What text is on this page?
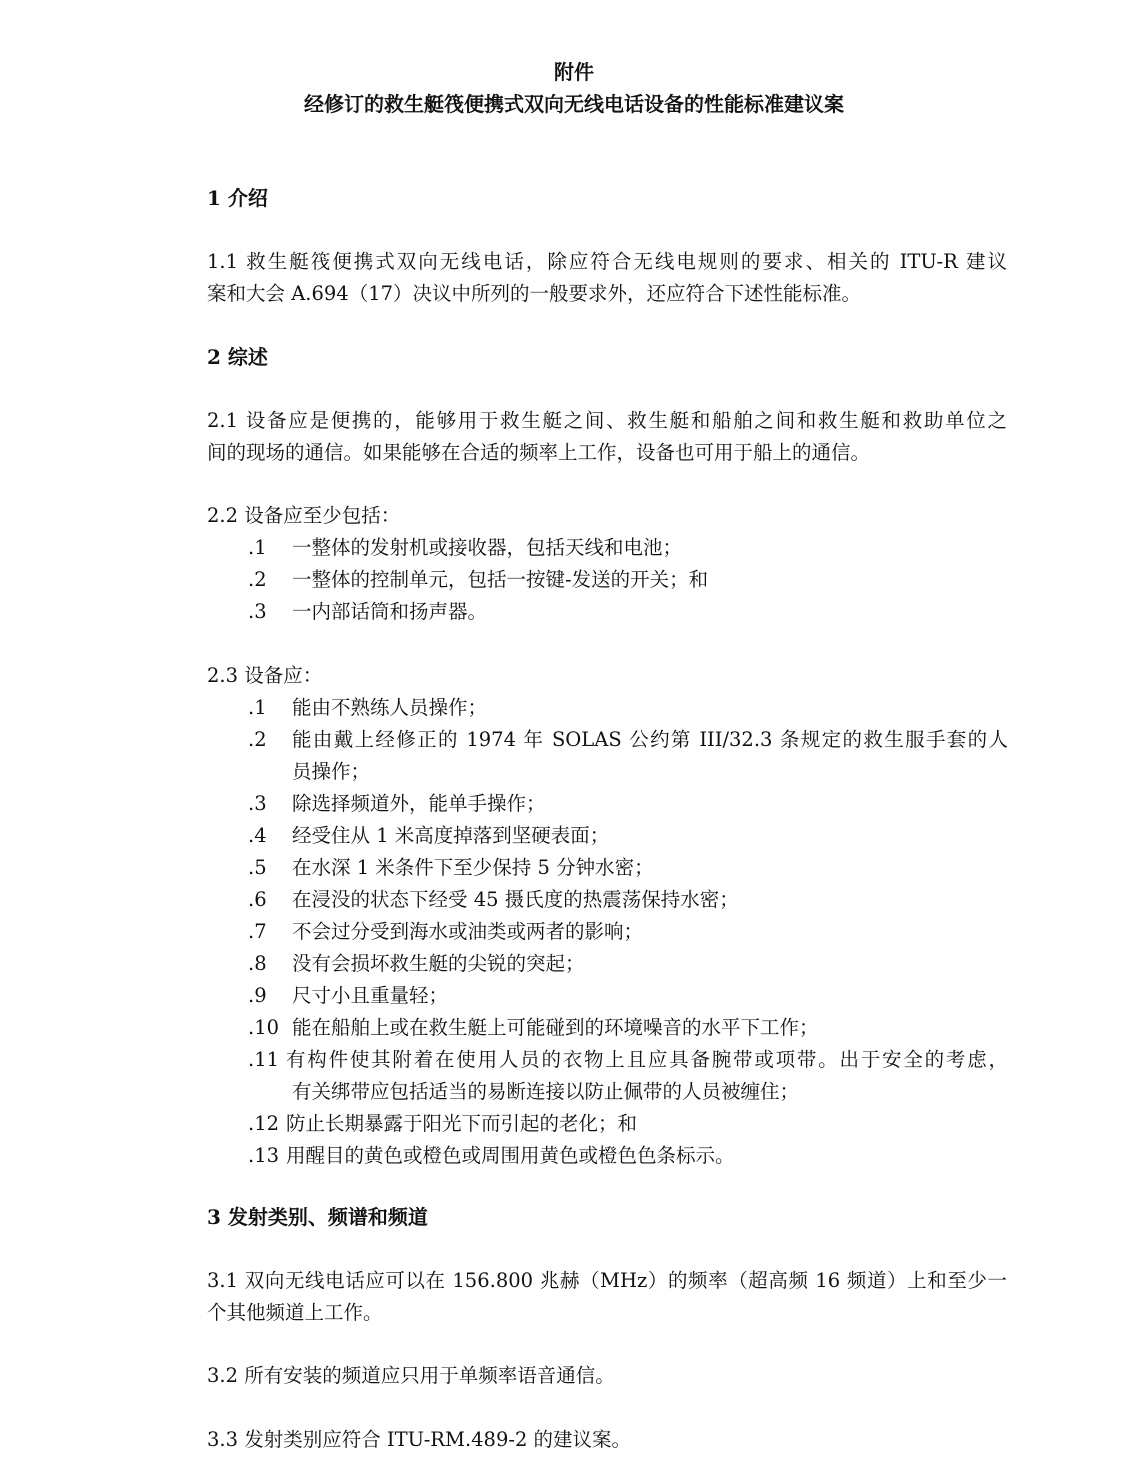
附件
经修订的救生艇筏便携式双向无线电话设备的性能标准建议案
1 介绍
1.1 救生艇筏便携式双向无线电话，除应符合无线电规则的要求、相关的 ITU-R 建议
案和大会 A.694（17）决议中所列的一般要求外，还应符合下述性能标准。
2 综述
2.1 设备应是便携的，能够用于救生艇之间、救生艇和船舶之间和救生艇和救助单位之
间的现场的通信。如果能够在合适的频率上工作，设备也可用于船上的通信。
2.2 设备应至少包括：
.1 一整体的发射机或接收器，包括天线和电池；
.2 一整体的控制单元，包括一按键-发送的开关；和
.3 一内部话筒和扬声器。
2.3 设备应：
.1 能由不熟练人员操作；
.2 能由戴上经修正的 1974 年 SOLAS 公约第 III/32.3 条规定的救生服手套的人
员操作；
.3 除选择频道外，能单手操作；
.4 经受住从 1 米高度掉落到坚硬表面；
.5 在水深 1 米条件下至少保持 5 分钟水密；
.6 在浸没的状态下经受 45 摄氏度的热震荡保持水密；
.7 不会过分受到海水或油类或两者的影响；
.8 没有会损坏救生艇的尖锐的突起；
.9 尺寸小且重量轻；
.10 能在船舶上或在救生艇上可能碰到的环境噪音的水平下工作；
.11 有构件使其附着在使用人员的衣物上且应具备腕带或项带。出于安全的考虑，
有关绑带应包括适当的易断连接以防止佩带的人员被缠住；
.12 防止长期暴露于阳光下而引起的老化；和
.13 用醒目的黄色或橙色或周围用黄色或橙色色条标示。
3 发射类别、频谱和频道
3.1 双向无线电话应可以在 156.800 兆赫（MHz）的频率（超高频 16 频道）上和至少一
个其他频道上工作。
3.2 所有安装的频道应只用于单频率语音通信。
3.3 发射类别应符合 ITU-RM.489-2 的建议案。
